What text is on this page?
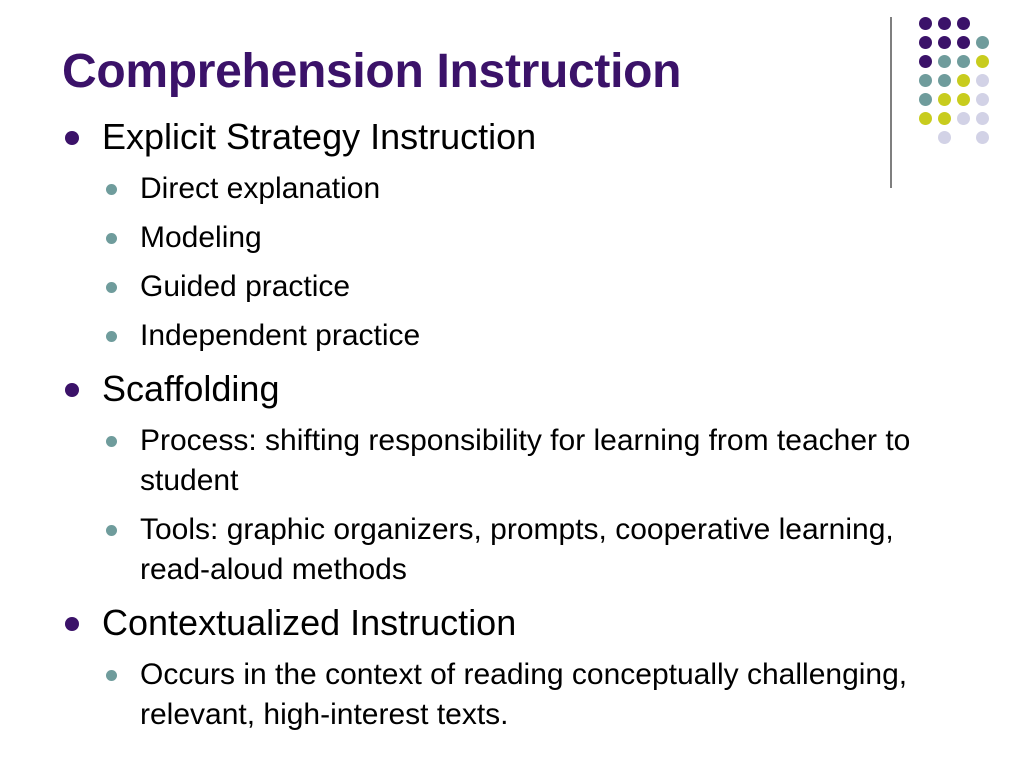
Comprehension Instruction
Explicit Strategy Instruction
Direct explanation
Modeling
Guided practice
Independent practice
Scaffolding
Process: shifting responsibility for learning from teacher to student
Tools: graphic organizers, prompts, cooperative learning, read-aloud methods
Contextualized Instruction
Occurs in the context of reading conceptually challenging, relevant, high-interest texts.
